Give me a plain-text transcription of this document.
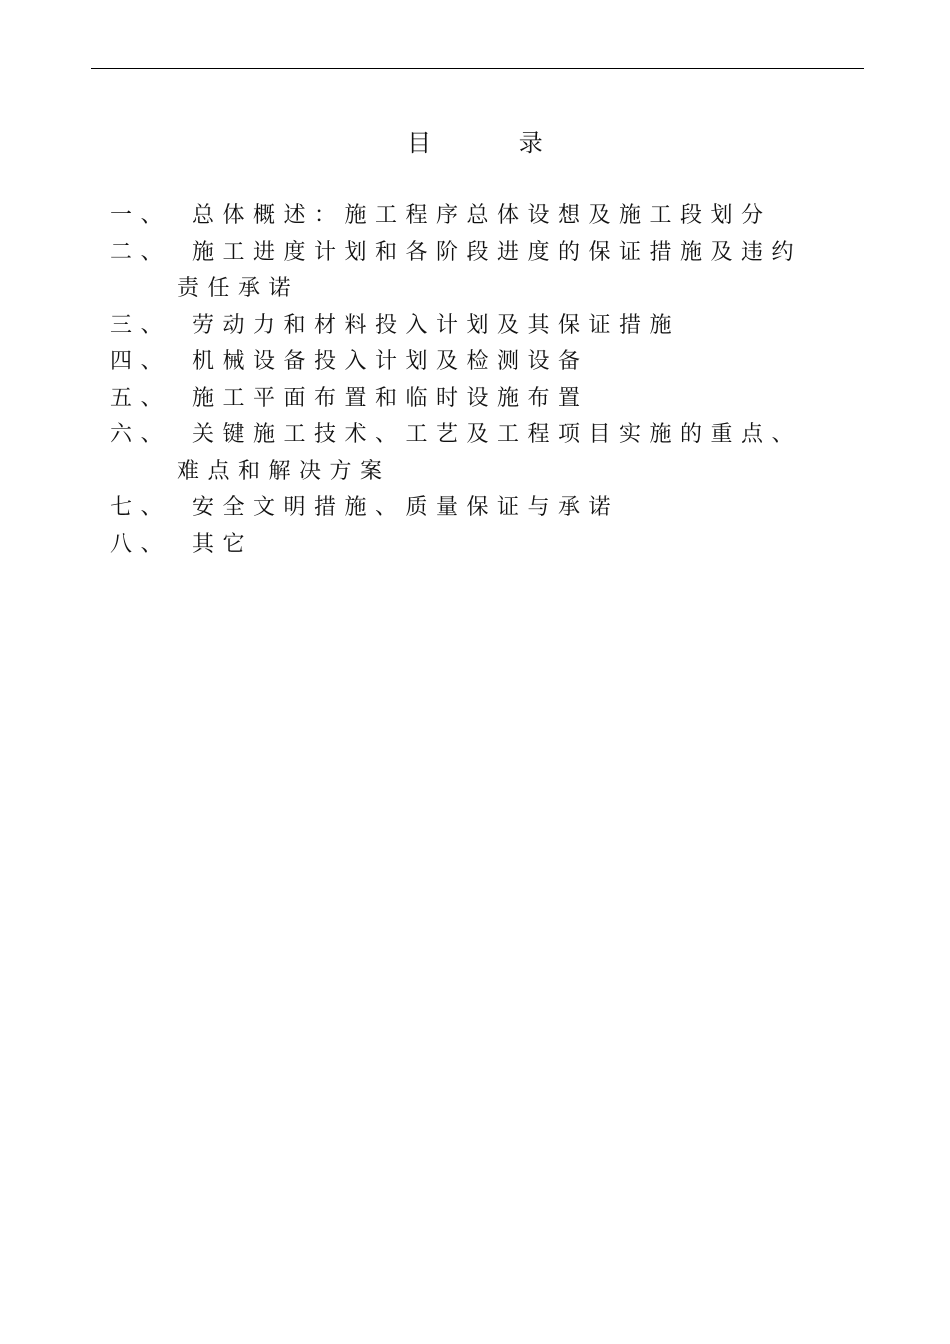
目 录
一、 总体概述：施工程序总体设想及施工段划分
二、 施工进度计划和各阶段进度的保证措施及违约
责任承诺
三、 劳动力和材料投入计划及其保证措施
四、 机械设备投入计划及检测设备
五、 施工平面布置和临时设施布置
六、 关键施工技术、工艺及工程项目实施的重点、
难点和解决方案
七、 安全文明措施、质量保证与承诺
八、 其它
